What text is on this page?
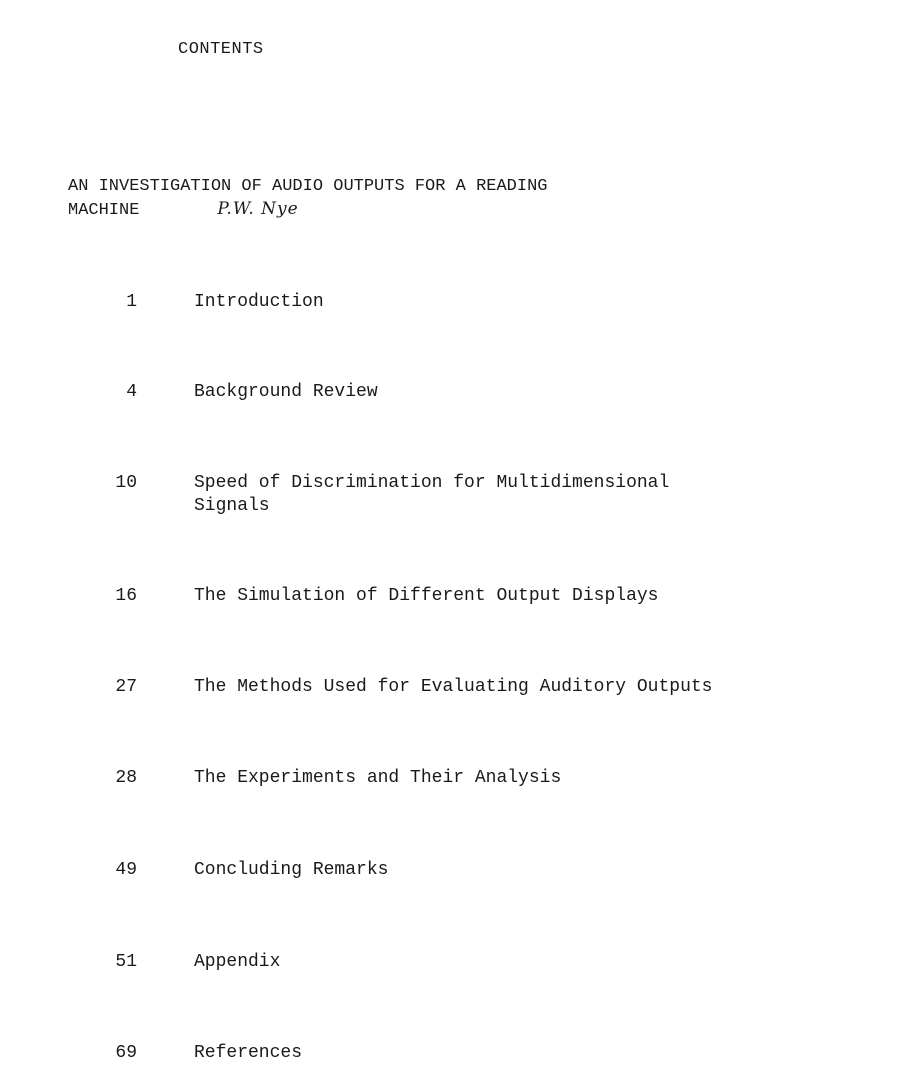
CONTENTS
AN INVESTIGATION OF AUDIO OUTPUTS FOR A READING
MACHINE	P.W. Nye
1	Introduction
4	Background Review
10	Speed of Discrimination for Multidimensional
Signals
16	The Simulation of Different Output Displays
27	The Methods Used for Evaluating Auditory Outputs
28	The Experiments and Their Analysis
49	Concluding Remarks
51	Appendix
69	References
